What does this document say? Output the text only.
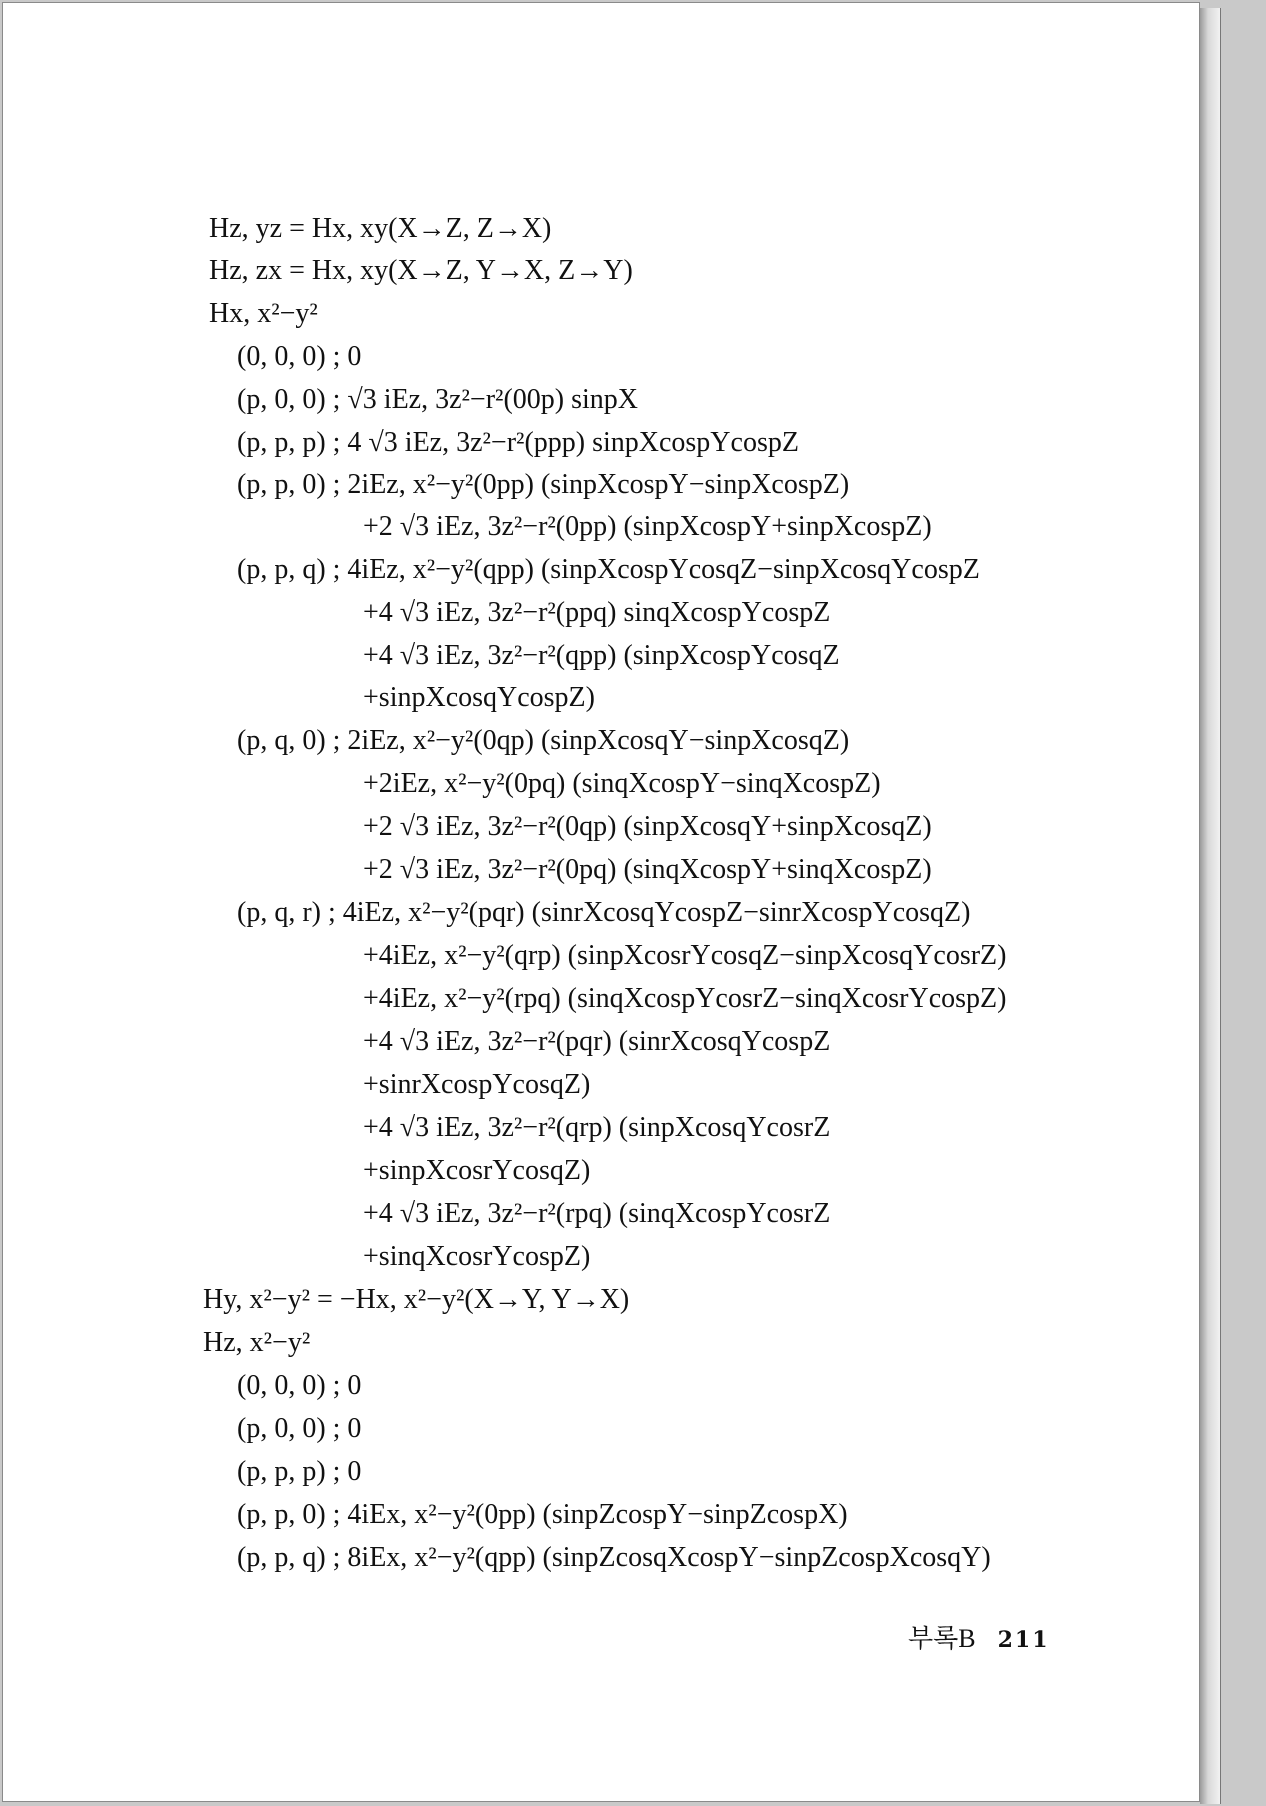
Hz, yz = Hx, xy(X→Z, Z→X)
Hz, zx = Hx, xy(X→Z, Y→X, Z→Y)
Hx, x²−y²
(0, 0, 0) ; 0
(p, 0, 0) ; √3 iEz, 3z²−r²(00p) sinpX
(p, p, p) ; 4 √3 iEz, 3z²−r²(ppp) sinpXcospYcospZ
(p, p, 0) ; 2iEz, x²−y²(0pp) (sinpXcospY−sinpXcospZ)
+2 √3 iEz, 3z²−r²(0pp) (sinpXcospY+sinpXcospZ)
(p, p, q) ; 4iEz, x²−y²(qpp) (sinpXcospYcosqZ−sinpXcosqYcospZ
+4 √3 iEz, 3z²−r²(ppq) sinqXcospYcospZ
+4 √3 iEz, 3z²−r²(qpp) (sinpXcospYcosqZ
+sinpXcosqYcospZ)
(p, q, 0) ; 2iEz, x²−y²(0qp) (sinpXcosqY−sinpXcosqZ)
+2iEz, x²−y²(0pq) (sinqXcospY−sinqXcospZ)
+2 √3 iEz, 3z²−r²(0qp) (sinpXcosqY+sinpXcosqZ)
+2 √3 iEz, 3z²−r²(0pq) (sinqXcospY+sinqXcospZ)
(p, q, r) ; 4iEz, x²−y²(pqr) (sinrXcosqYcospZ−sinrXcospYcosqZ)
+4iEz, x²−y²(qrp) (sinpXcosrYcosqZ−sinpXcosqYcosrZ)
+4iEz, x²−y²(rpq) (sinqXcospYcosrZ−sinqXcosrYcospZ)
+4 √3 iEz, 3z²−r²(pqr) (sinrXcosqYcospZ
+sinrXcospYcosqZ)
+4 √3 iEz, 3z²−r²(qrp) (sinpXcosqYcosrZ
+sinpXcosrYcosqZ)
+4 √3 iEz, 3z²−r²(rpq) (sinqXcospYcosrZ
+sinqXcosrYcospZ)
Hy, x²−y² = −Hx, x²−y²(X→Y, Y→X)
Hz, x²−y²
(0, 0, 0) ; 0
(p, 0, 0) ; 0
(p, p, p) ; 0
(p, p, 0) ; 4iEx, x²−y²(0pp) (sinpZcospY−sinpZcospX)
(p, p, q) ; 8iEx, x²−y²(qpp) (sinpZcosqXcospY−sinpZcospXcosqY)
부록B 211
